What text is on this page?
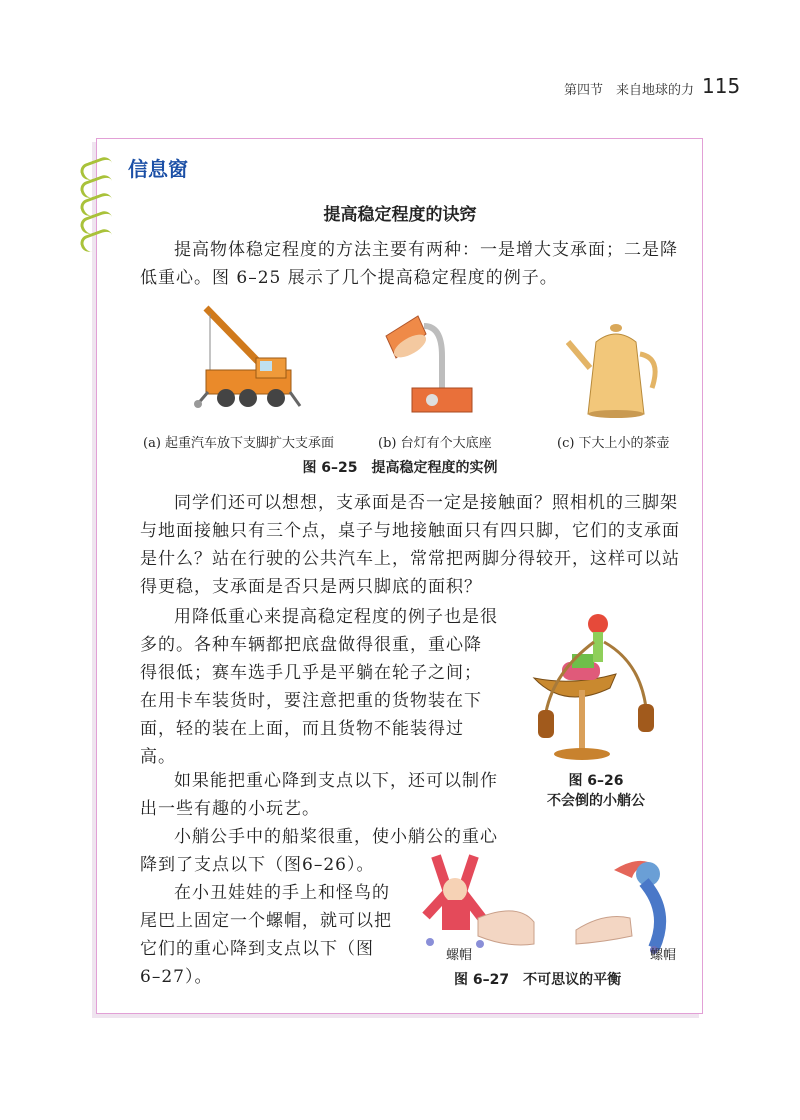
第四节　来自地球的力 115
信息窗
提高稳定程度的诀窍

提高物体稳定程度的方法主要有两种：一是增大支承面；二是降低重心。图 6–25 展示了几个提高稳定程度的例子。

(a) 起重汽车放下支脚扩大支承面	(b) 台灯有个大底座	(c) 下大上小的茶壶
图 6–25　提高稳定程度的实例

同学们还可以想想，支承面是否一定是接触面？照相机的三脚架与地面接触只有三个点，桌子与地接触面只有四只脚，它们的支承面是什么？站在行驶的公共汽车上，常常把两脚分得较开，这样可以站得更稳，支承面是否只是两只脚底的面积？

用降低重心来提高稳定程度的例子也是很多的。各种车辆都把底盘做得很重，重心降得很低；赛车选手几乎是平躺在轮子之间；在用卡车装货时，要注意把重的货物装在下面，轻的装在上面，而且货物不能装得过高。

如果能把重心降到支点以下，还可以制作出一些有趣的小玩艺。

小艄公手中的船桨很重，使小艄公的重心降到了支点以下（图6–26）。

在小丑娃娃的手上和怪鸟的尾巴上固定一个螺帽，就可以把它们的重心降到支点以下（图 6–27）。

图 6–26
不会倒的小艄公
螺帽	螺帽
图 6–27　不可思议的平衡
